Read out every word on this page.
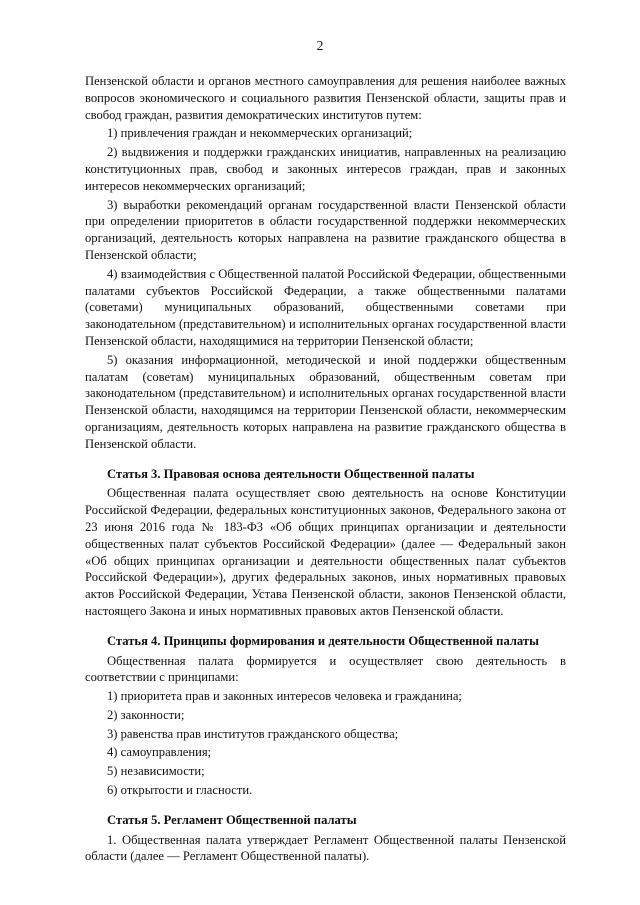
2

Пензенской области и органов местного самоуправления для решения наиболее важных вопросов экономического и социального развития Пензенской области, защиты прав и свобод граждан, развития демократических институтов путем:

1) привлечения граждан и некоммерческих организаций;

2) выдвижения и поддержки гражданских инициатив, направленных на реализацию конституционных прав, свобод и законных интересов граждан, прав и законных интересов некоммерческих организаций;

3) выработки рекомендаций органам государственной власти Пензенской области при определении приоритетов в области государственной поддержки некоммерческих организаций, деятельность которых направлена на развитие гражданского общества в Пензенской области;

4) взаимодействия с Общественной палатой Российской Федерации, общественными палатами субъектов Российской Федерации, а также общественными палатами (советами) муниципальных образований, общественными советами при законодательном (представительном) и исполнительных органах государственной власти Пензенской области, находящимися на территории Пензенской области;

5) оказания информационной, методической и иной поддержки общественным палатам (советам) муниципальных образований, общественным советам при законодательном (представительном) и исполнительных органах государственной власти Пензенской области, находящимся на территории Пензенской области, некоммерческим организациям, деятельность которых направлена на развитие гражданского общества в Пензенской области.

Статья 3. Правовая основа деятельности Общественной палаты

Общественная палата осуществляет свою деятельность на основе Конституции Российской Федерации, федеральных конституционных законов, Федерального закона от 23 июня 2016 года № 183-ФЗ «Об общих принципах организации и деятельности общественных палат субъектов Российской Федерации» (далее — Федеральный закон «Об общих принципах организации и деятельности общественных палат субъектов Российской Федерации»), других федеральных законов, иных нормативных правовых актов Российской Федерации, Устава Пензенской области, законов Пензенской области, настоящего Закона и иных нормативных правовых актов Пензенской области.

Статья 4. Принципы формирования и деятельности Общественной палаты

Общественная палата формируется и осуществляет свою деятельность в соответствии с принципами:

1) приоритета прав и законных интересов человека и гражданина;

2) законности;

3) равенства прав институтов гражданского общества;

4) самоуправления;

5) независимости;

6) открытости и гласности.

Статья 5. Регламент Общественной палаты

1. Общественная палата утверждает Регламент Общественной палаты Пензенской области (далее — Регламент Общественной палаты).
